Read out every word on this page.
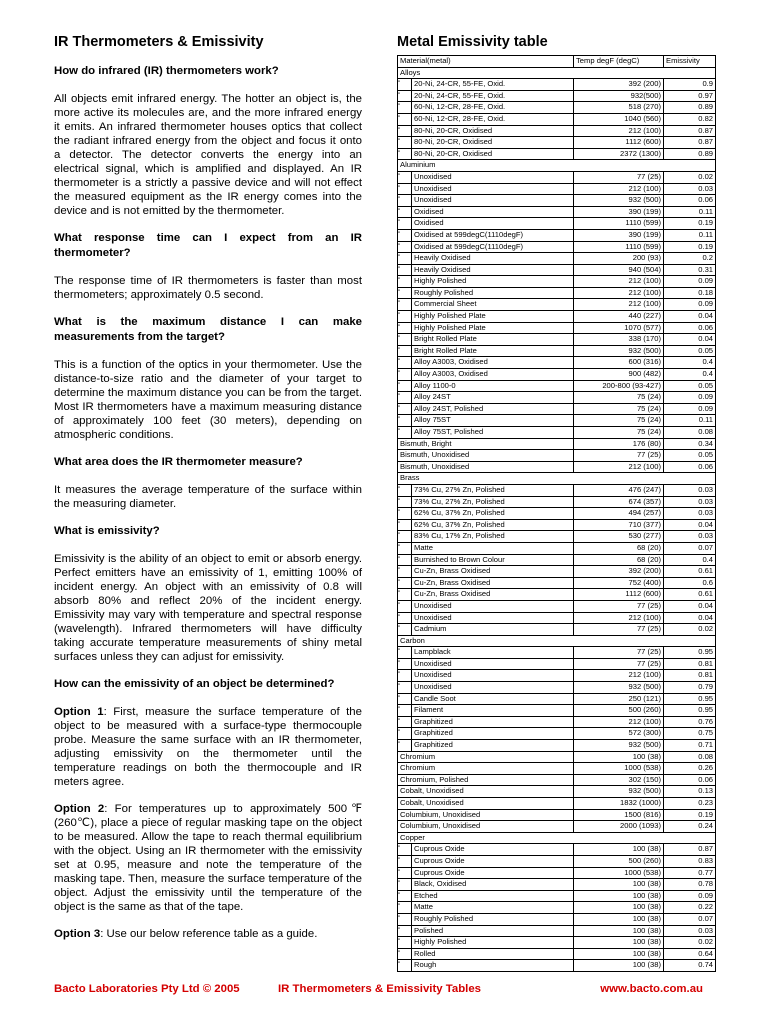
IR Thermometers & Emissivity
How do infrared (IR) thermometers work?
All objects emit infrared energy. The hotter an object is, the more active its molecules are, and the more infrared energy it emits. An infrared thermometer houses optics that collect the radiant infrared energy from the object and focus it onto a detector. The detector converts the energy into an electrical signal, which is amplified and displayed. An IR thermometer is a strictly a passive device and will not effect the measured equipment as the IR energy comes into the device and is not emitted by the thermometer.
What response time can I expect from an IR thermometer?
The response time of IR thermometers is faster than most thermometers; approximately 0.5 second.
What is the maximum distance I can make measurements from the target?
This is a function of the optics in your thermometer. Use the distance-to-size ratio and the diameter of your target to determine the maximum distance you can be from the target. Most IR thermometers have a maximum measuring distance of approximately 100 feet (30 meters), depending on atmospheric conditions.
What area does the IR thermometer measure?
It measures the average temperature of the surface within the measuring diameter.
What is emissivity?
Emissivity is the ability of an object to emit or absorb energy. Perfect emitters have an emissivity of 1, emitting 100% of incident energy. An object with an emissivity of 0.8 will absorb 80% and reflect 20% of the incident energy. Emissivity may vary with temperature and spectral response (wavelength). Infrared thermometers will have difficulty taking accurate temperature measurements of shiny metal surfaces unless they can adjust for emissivity.
How can the emissivity of an object be determined?
Option 1: First, measure the surface temperature of the object to be measured with a surface-type thermocouple probe. Measure the same surface with an IR thermometer, adjusting emissivity on the thermometer until the temperature readings on both the thermocouple and IR meters agree.
Option 2: For temperatures up to approximately 500℉ (260℃), place a piece of regular masking tape on the object to be measured. Allow the tape to reach thermal equilibrium with the object. Using an IR thermometer with the emissivity set at 0.95, measure and note the temperature of the masking tape. Then, measure the surface temperature of the object. Adjust the emissivity until the temperature of the object is the same as that of the tape.
Option 3: Use our below reference table as a guide.
Metal Emissivity table
Material(metal)		Temp degF (degC)	Emissivity
Alloys			
"	20-Ni, 24-CR, 55-FE, Oxid.	392 (200)	0.9
"	20-Ni, 24-CR, 55-FE, Oxid.	932(500)	0.97
"	60-Ni, 12-CR, 28-FE, Oxid.	518 (270)	0.89
"	60-Ni, 12-CR, 28-FE, Oxid.	1040 (560)	0.82
"	80-Ni, 20-CR, Oxidised	212 (100)	0.87
"	80-Ni, 20-CR, Oxidised	1112 (600)	0.87
"	80-Ni, 20-CR, Oxidised	2372 (1300)	0.89
Aluminium			
"	Unoxidised	77 (25)	0.02
"	Unoxidised	212 (100)	0.03
"	Unoxidised	932 (500)	0.06
"	Oxidised	390 (199)	0.11
"	Oxidised	1110 (599)	0.19
"	Oxidised at 599degC(1110degF)	390 (199)	0.11
"	Oxidised at 599degC(1110degF)	1110 (599)	0.19
"	Heavily Oxidised	200 (93)	0.2
"	Heavily Oxidised	940 (504)	0.31
"	Highly Polished	212 (100)	0.09
"	Roughly Polished	212 (100)	0.18
"	Commercial Sheet	212 (100)	0.09
"	Highly Polished Plate	440 (227)	0.04
"	Highly Polished Plate	1070 (577)	0.06
"	Bright Rolled Plate	338 (170)	0.04
"	Bright Rolled Plate	932 (500)	0.05
"	Alloy A3003, Oxidised	600 (316)	0.4
"	Alloy A3003, Oxidised	900 (482)	0.4
"	Alloy 1100-0	200-800 (93-427)	0.05
"	Alloy 24ST	75 (24)	0.09
"	Alloy 24ST, Polished	75 (24)	0.09
"	Alloy 75ST	75 (24)	0.11
"	Alloy 75ST, Polished	75 (24)	0.08
Bismuth, Bright		176 (80)	0.34
Bismuth, Unoxidised		77 (25)	0.05
Bismuth, Unoxidised		212 (100)	0.06
Brass			
"	73% Cu, 27% Zn, Polished	476 (247)	0.03
"	73% Cu, 27% Zn, Polished	674 (357)	0.03
"	62% Cu, 37% Zn, Polished	494 (257)	0.03
"	62% Cu, 37% Zn, Polished	710 (377)	0.04
"	83% Cu, 17% Zn, Polished	530 (277)	0.03
"	Matte	68 (20)	0.07
"	Burnished to Brown Colour	68 (20)	0.4
"	Cu-Zn, Brass Oxidised	392 (200)	0.61
"	Cu-Zn, Brass Oxidised	752 (400)	0.6
"	Cu-Zn, Brass Oxidised	1112 (600)	0.61
"	Unoxidised	77 (25)	0.04
"	Unoxidised	212 (100)	0.04
"	Cadmium	77 (25)	0.02
Carbon			
"	Lampblack	77 (25)	0.95
"	Unoxidised	77 (25)	0.81
"	Unoxidised	212 (100)	0.81
"	Unoxidised	932 (500)	0.79
"	Candle Soot	250 (121)	0.95
"	Filament	500 (260)	0.95
"	Graphitized	212 (100)	0.76
"	Graphitized	572 (300)	0.75
"	Graphitized	932 (500)	0.71
Chromium		100 (38)	0.08
Chromium		1000 (538)	0.26
Chromium, Polished		302 (150)	0.06
Cobalt, Unoxidised		932 (500)	0.13
Cobalt, Unoxidised		1832 (1000)	0.23
Columbium, Unoxidised		1500 (816)	0.19
Columbium, Unoxidised		2000 (1093)	0.24
Copper			
"	Cuprous Oxide	100 (38)	0.87
"	Cuprous Oxide	500 (260)	0.83
"	Cuprous Oxide	1000 (538)	0.77
"	Black, Oxidised	100 (38)	0.78
"	Etched	100 (38)	0.09
"	Matte	100 (38)	0.22
"	Roughly Polished	100 (38)	0.07
"	Polished	100 (38)	0.03
"	Highly Polished	100 (38)	0.02
"	Rolled	100 (38)	0.64
"	Rough	100 (38)	0.74
Bacto Laboratories Pty Ltd © 2005	IR Thermometers & Emissivity Tables	www.bacto.com.au
